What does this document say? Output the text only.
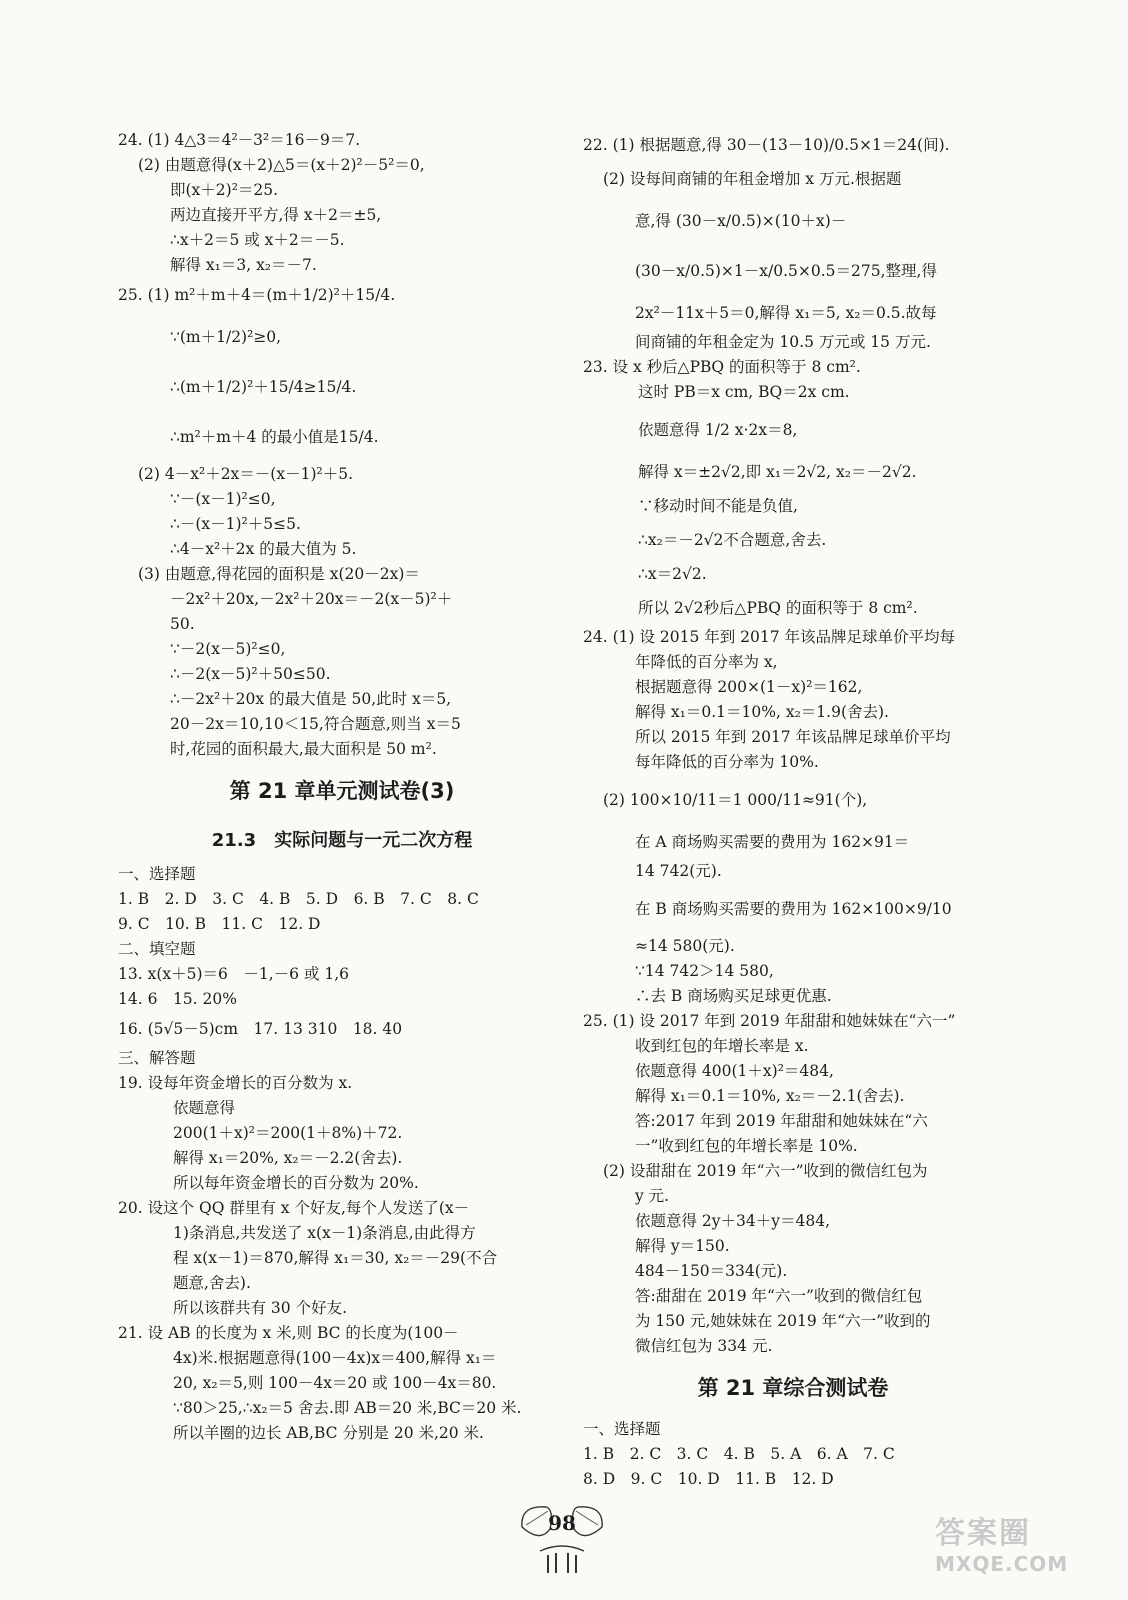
24. (1) 4△3＝4²－3²＝16－9＝7.
(2) 由题意得(x＋2)△5＝(x＋2)²－5²＝0,
即(x＋2)²＝25.
两边直接开平方,得 x＋2＝±5,
∴x＋2＝5 或 x＋2＝－5.
解得 x₁＝3, x₂＝－7.
25. (1) m²＋m＋4＝(m＋1/2)²＋15/4.
∵(m＋1/2)²≥0,
∴(m＋1/2)²＋15/4≥15/4.
∴m²＋m＋4 的最小值是15/4.
(2) 4－x²＋2x＝－(x－1)²＋5.
∵－(x－1)²≤0,
∴－(x－1)²＋5≤5.
∴4－x²＋2x 的最大值为 5.
(3) 由题意,得花园的面积是 x(20－2x)＝
－2x²＋20x,－2x²＋20x＝－2(x－5)²＋
50.
∵－2(x－5)²≤0,
∴－2(x－5)²＋50≤50.
∴－2x²＋20x 的最大值是 50,此时 x＝5,
20－2x＝10,10＜15,符合题意,则当 x＝5
时,花园的面积最大,最大面积是 50 m².
第 21 章单元测试卷(3)
21.3　实际问题与一元二次方程
一、选择题
1. B　2. D　3. C　4. B　5. D　6. B　7. C　8. C
9. C　10. B　11. C　12. D
二、填空题
13. x(x＋5)＝6　－1,－6 或 1,6
14. 6　15. 20%
16. (5√5－5)cm　17. 13 310　18. 40
三、解答题
19. 设每年资金增长的百分数为 x.
依题意得
200(1＋x)²＝200(1＋8%)＋72.
解得 x₁＝20%, x₂＝－2.2(舍去).
所以每年资金增长的百分数为 20%.
20. 设这个 QQ 群里有 x 个好友,每个人发送了(x－
1)条消息,共发送了 x(x－1)条消息,由此得方
程 x(x－1)＝870,解得 x₁＝30, x₂＝－29(不合
题意,舍去).
所以该群共有 30 个好友.
21. 设 AB 的长度为 x 米,则 BC 的长度为(100－
4x)米.根据题意得(100－4x)x＝400,解得 x₁＝
20, x₂＝5,则 100－4x＝20 或 100－4x＝80.
∵80＞25,∴x₂＝5 舍去.即 AB＝20 米,BC＝20 米.
所以羊圈的边长 AB,BC 分别是 20 米,20 米.
22. (1) 根据题意,得 30－(13－10)/0.5×1＝24(间).
(2) 设每间商铺的年租金增加 x 万元.根据题
意,得 (30－x/0.5)×(10＋x)－
(30－x/0.5)×1－x/0.5×0.5＝275,整理,得
2x²－11x＋5＝0,解得 x₁＝5, x₂＝0.5.故每
间商铺的年租金定为 10.5 万元或 15 万元.
23. 设 x 秒后△PBQ 的面积等于 8 cm².
这时 PB＝x cm, BQ＝2x cm.
依题意得 1/2 x·2x＝8,
解得 x＝±2√2,即 x₁＝2√2, x₂＝－2√2.
∵移动时间不能是负值,
∴x₂＝－2√2不合题意,舍去.
∴x＝2√2.
所以 2√2秒后△PBQ 的面积等于 8 cm².
24. (1) 设 2015 年到 2017 年该品牌足球单价平均每
年降低的百分率为 x,
根据题意得 200×(1－x)²＝162,
解得 x₁＝0.1＝10%, x₂＝1.9(舍去).
所以 2015 年到 2017 年该品牌足球单价平均
每年降低的百分率为 10%.
(2) 100×10/11＝1 000/11≈91(个),
在 A 商场购买需要的费用为 162×91＝
14 742(元).
在 B 商场购买需要的费用为 162×100×9/10
≈14 580(元).
∵14 742＞14 580,
∴去 B 商场购买足球更优惠.
25. (1) 设 2017 年到 2019 年甜甜和她妹妹在“六一”
收到红包的年增长率是 x.
依题意得 400(1＋x)²＝484,
解得 x₁＝0.1＝10%, x₂＝－2.1(舍去).
答:2017 年到 2019 年甜甜和她妹妹在“六
一”收到红包的年增长率是 10%.
(2) 设甜甜在 2019 年“六一”收到的微信红包为
y 元.
依题意得 2y＋34＋y＝484,
解得 y＝150.
484－150＝334(元).
答:甜甜在 2019 年“六一”收到的微信红包
为 150 元,她妹妹在 2019 年“六一”收到的
微信红包为 334 元.
第 21 章综合测试卷
一、选择题
1. B　2. C　3. C　4. B　5. A　6. A　7. C
8. D　9. C　10. D　11. B　12. D
98	答案圈
MXQE.COM
